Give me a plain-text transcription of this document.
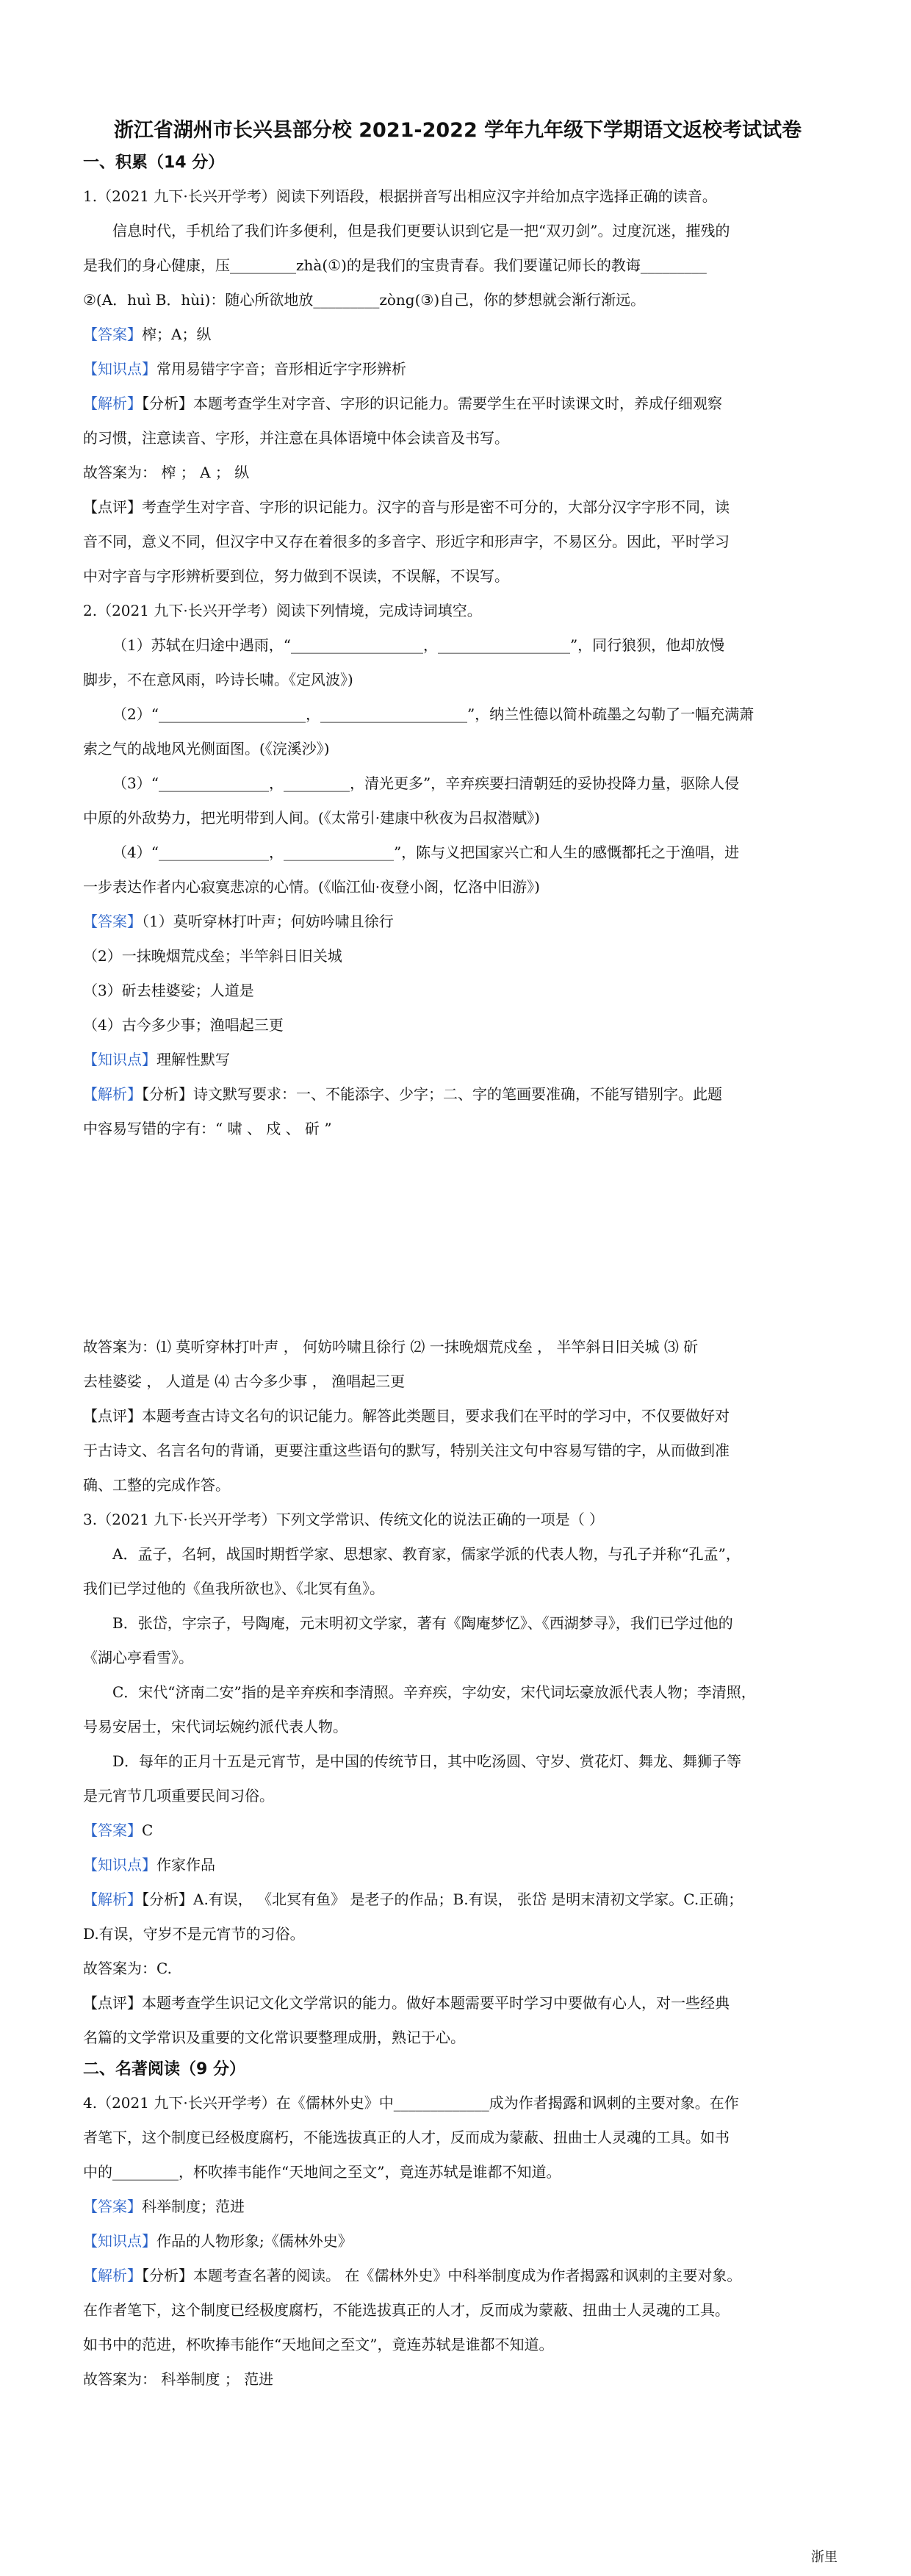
浙江省湖州市长兴县部分校 2021-2022 学年九年级下学期语文返校考试试卷
一、积累（14 分）

1.（2021 九下·长兴开学考）阅读下列语段，根据拼音写出相应汉字并给加点字选择正确的读音。

信息时代，手机给了我们许多便利，但是我们更要认识到它是一把“双刃剑”。过度沉迷，摧残的

是我们的身心健康，压_________zhà(①)的是我们的宝贵青春。我们要谨记师长的教诲_________

②(A．huì B．hùi)：随心所欲地放_________zòng(③)自己，你的梦想就会渐行渐远。

【答案】榨；A；纵

【知识点】常用易错字字音；音形相近字字形辨析

【解析】【分析】本题考查学生对字音、字形的识记能力。需要学生在平时读课文时，养成仔细观察

的习惯，注意读音、字形，并注意在具体语境中体会读音及书写。

故答案为： 榨 ； A ； 纵

【点评】考查学生对字音、字形的识记能力。汉字的音与形是密不可分的，大部分汉字字形不同，读

音不同，意义不同，但汉字中又存在着很多的多音字、形近字和形声字，不易区分。因此，平时学习

中对字音与字形辨析要到位，努力做到不误读，不误解，不误写。

2.（2021 九下·长兴开学考）阅读下列情境，完成诗词填空。

（1）苏轼在归途中遇雨，“__________________，__________________”，同行狼狈，他却放慢

脚步，不在意风雨，吟诗长啸。《定风波》)

（2）“____________________，____________________”，纳兰性德以简朴疏墨之勾勒了一幅充满萧

索之气的战地风光侧面图。(《浣溪沙》)

（3）“_______________，_________，清光更多”，辛弃疾要扫清朝廷的妥协投降力量，驱除人侵

中原的外敌势力，把光明带到人间。(《太常引·建康中秋夜为吕叔潜赋》)

（4）“_______________，_______________”，陈与义把国家兴亡和人生的感慨都托之于渔唱，进

一步表达作者内心寂寞悲凉的心情。(《临江仙·夜登小阁，忆洛中旧游》)

【答案】（1）莫听穿林打叶声；何妨吟啸且徐行

（2）一抹晚烟荒戍垒；半竿斜日旧关城

（3）斫去桂婆娑；人道是

（4）古今多少事；渔唱起三更

【知识点】理解性默写

【解析】【分析】诗文默写要求：一、不能添字、少字；二、字的笔画要准确，不能写错别字。此题

中容易写错的字有：“ 啸 、 戍 、 斫 ”

故答案为：⑴ 莫听穿林打叶声 ， 何妨吟啸且徐行 ⑵ 一抹晚烟荒戍垒 ， 半竿斜日旧关城 ⑶ 斫

去桂婆娑 ， 人道是 ⑷ 古今多少事 ， 渔唱起三更

【点评】本题考查古诗文名句的识记能力。解答此类题目，要求我们在平时的学习中，不仅要做好对

于古诗文、名言名句的背诵，更要注重这些语句的默写，特别关注文句中容易写错的字，从而做到准

确、工整的完成作答。

3.（2021 九下·长兴开学考）下列文学常识、传统文化的说法正确的一项是（ ）

A．孟子，名轲，战国时期哲学家、思想家、教育家，儒家学派的代表人物，与孔子并称“孔孟”，

我们已学过他的《鱼我所欲也》、《北冥有鱼》。

B．张岱，字宗子，号陶庵，元末明初文学家，著有《陶庵梦忆》、《西湖梦寻》，我们已学过他的

《湖心亭看雪》。

C．宋代“济南二安”指的是辛弃疾和李清照。辛弃疾，字幼安，宋代词坛豪放派代表人物；李清照，

号易安居士，宋代词坛婉约派代表人物。

D．每年的正月十五是元宵节，是中国的传统节日，其中吃汤圆、守岁、赏花灯、舞龙、舞狮子等

是元宵节几项重要民间习俗。

【答案】C

【知识点】作家作品

【解析】【分析】A.有误， 《北冥有鱼》 是老子的作品；B.有误， 张岱 是明末清初文学家。C.正确；

D.有误，守岁不是元宵节的习俗。

故答案为：C.

【点评】本题考查学生识记文化文学常识的能力。做好本题需要平时学习中要做有心人，对一些经典

名篇的文学常识及重要的文化常识要整理成册，熟记于心。

二、名著阅读（9 分）

4.（2021 九下·长兴开学考）在《儒林外史》中_____________成为作者揭露和讽刺的主要对象。在作

者笔下，这个制度已经极度腐朽，不能选拔真正的人才，反而成为蒙蔽、扭曲士人灵魂的工具。如书

中的_________，杯吹捧韦能作“天地间之至文”，竟连苏轼是谁都不知道。

【答案】科举制度；范进

【知识点】作品的人物形象;《儒林外史》

【解析】【分析】本题考查名著的阅读。 在《儒林外史》中科举制度成为作者揭露和讽刺的主要对象。

在作者笔下，这个制度已经极度腐朽，不能选拔真正的人才，反而成为蒙蔽、扭曲士人灵魂的工具。

如书中的范进，杯吹捧韦能作“天地间之至文”，竟连苏轼是谁都不知道。

故答案为： 科举制度 ； 范进

浙里
